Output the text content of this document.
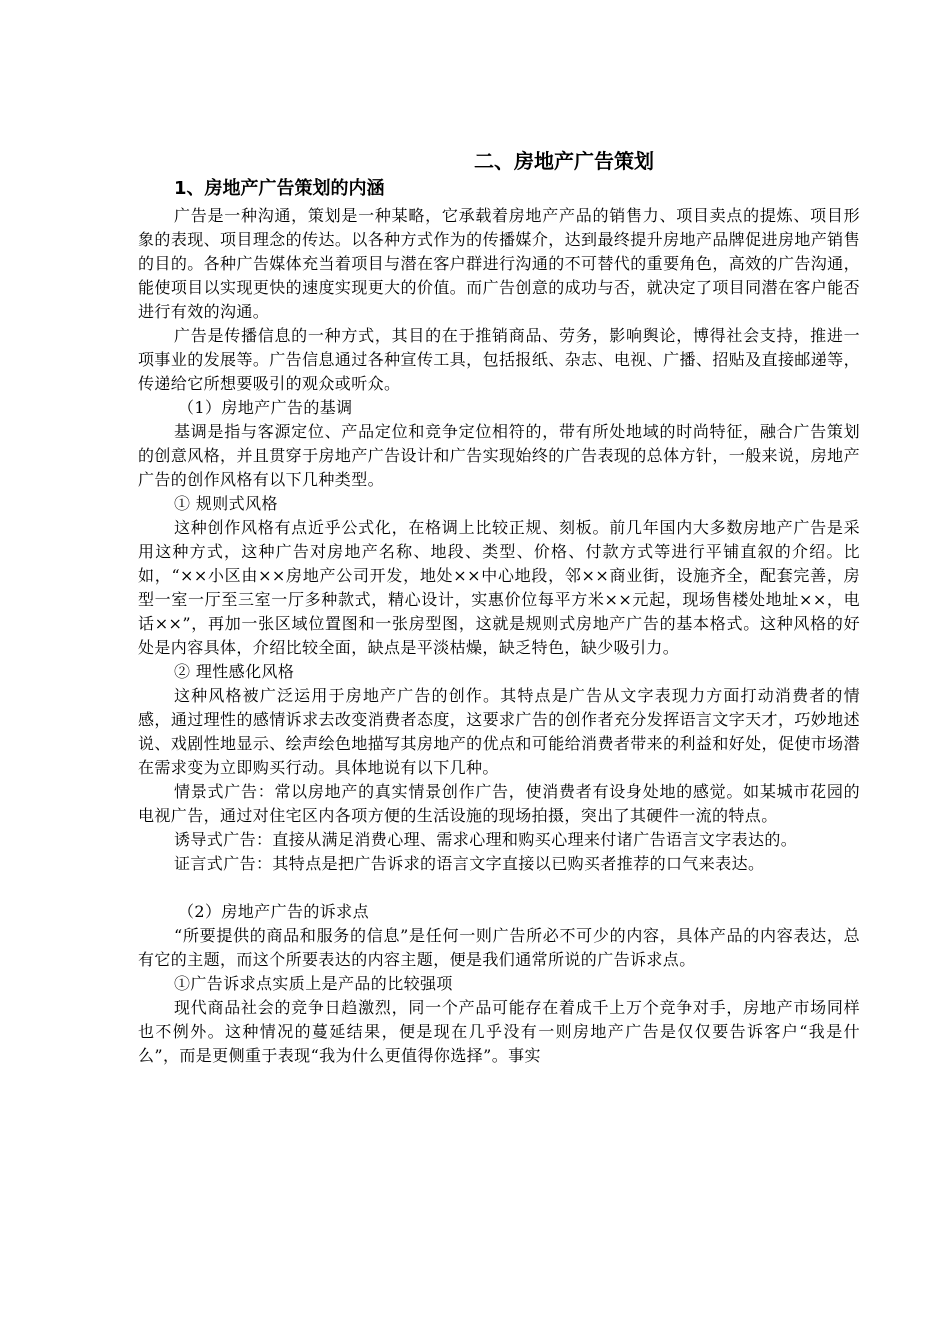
二、房地产广告策划
1、房地产广告策划的内涵

广告是一种沟通，策划是一种某略，它承载着房地产产品的销售力、项目卖点的提炼、项目形象的表现、项目理念的传达。以各种方式作为的传播媒介，达到最终提升房地产品牌促进房地产销售的目的。各种广告媒体充当着项目与潜在客户群进行沟通的不可替代的重要角色，高效的广告沟通，能使项目以实现更快的速度实现更大的价值。而广告创意的成功与否，就决定了项目同潜在客户能否进行有效的沟通。

广告是传播信息的一种方式，其目的在于推销商品、劳务，影响舆论，博得社会支持，推进一项事业的发展等。广告信息通过各种宣传工具，包括报纸、杂志、电视、广播、招贴及直接邮递等，传递给它所想要吸引的观众或听众。

（1）房地产广告的基调

基调是指与客源定位、产品定位和竞争定位相符的，带有所处地域的时尚特征，融合广告策划的创意风格，并且贯穿于房地产广告设计和广告实现始终的广告表现的总体方针，一般来说，房地产广告的创作风格有以下几种类型。

① 规则式风格

这种创作风格有点近乎公式化，在格调上比较正规、刻板。前几年国内大多数房地产广告是采用这种方式，这种广告对房地产名称、地段、类型、价格、付款方式等进行平铺直叙的介绍。比如，“××小区由××房地产公司开发，地处××中心地段，邻××商业街，设施齐全，配套完善，房型一室一厅至三室一厅多种款式，精心设计，实惠价位每平方米××元起，现场售楼处地址××，电话××”，再加一张区域位置图和一张房型图，这就是规则式房地产广告的基本格式。这种风格的好处是内容具体，介绍比较全面，缺点是平淡枯燥，缺乏特色，缺少吸引力。

② 理性感化风格

这种风格被广泛运用于房地产广告的创作。其特点是广告从文字表现力方面打动消费者的情感，通过理性的感情诉求去改变消费者态度，这要求广告的创作者充分发挥语言文字天才，巧妙地述说、戏剧性地显示、绘声绘色地描写其房地产的优点和可能给消费者带来的利益和好处，促使市场潜在需求变为立即购买行动。具体地说有以下几种。

情景式广告：常以房地产的真实情景创作广告，使消费者有设身处地的感觉。如某城市花园的电视广告，通过对住宅区内各项方便的生活设施的现场拍摄，突出了其硬件一流的特点。

诱导式广告：直接从满足消费心理、需求心理和购买心理来付诸广告语言文字表达的。

证言式广告：其特点是把广告诉求的语言文字直接以已购买者推荐的口气来表达。

（2）房地产广告的诉求点

“所要提供的商品和服务的信息”是任何一则广告所必不可少的内容，具体产品的内容表达，总有它的主题，而这个所要表达的内容主题，便是我们通常所说的广告诉求点。

①广告诉求点实质上是产品的比较强项

现代商品社会的竞争日趋激烈，同一个产品可能存在着成千上万个竞争对手，房地产市场同样也不例外。这种情况的蔓延结果，便是现在几乎没有一则房地产广告是仅仅要告诉客户“我是什么”，而是更侧重于表现“我为什么更值得你选择”。事实
